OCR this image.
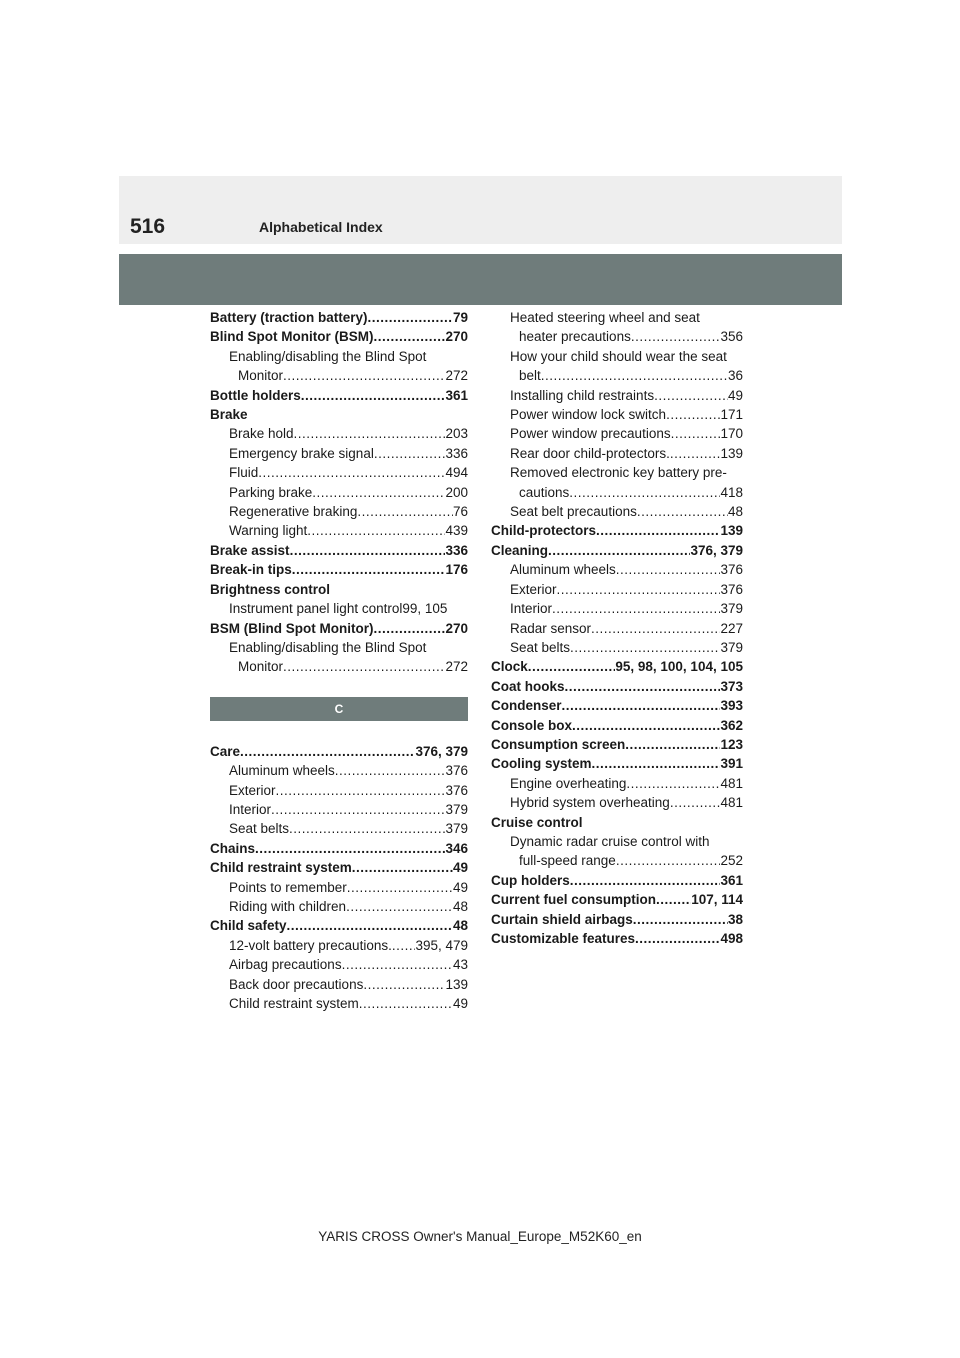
516	Alphabetical Index
Battery (traction battery) .....	79
Blind Spot Monitor (BSM) .....	270
Enabling/disabling the Blind Spot
Monitor .....	272
Bottle holders .....	361
Brake
Brake hold .....	203
Emergency brake signal .....	336
Fluid .....	494
Parking brake .....	200
Regenerative braking .....	76
Warning light .....	439
Brake assist .....	336
Break-in tips .....	176
Brightness control
Instrument panel light control99, 105
BSM (Blind Spot Monitor) .....	270
Enabling/disabling the Blind Spot
Monitor .....	272
C
Care .....	376, 379
Aluminum wheels .....	376
Exterior .....	376
Interior .....	379
Seat belts .....	379
Chains .....	346
Child restraint system .....	49
Points to remember .....	49
Riding with children .....	48
Child safety .....	48
12-volt battery precautions. ..... 395, 479
Airbag precautions .....	43
Back door precautions .....	139
Child restraint system .....	49
Heated steering wheel and seat
heater precautions .....	356
How your child should wear the seat
belt .....	36
Installing child restraints .....	49
Power window lock switch .....	171
Power window precautions .....	170
Rear door child-protectors. .....	139
Removed electronic key battery pre-
cautions .....	418
Seat belt precautions .....	48
Child-protectors .....	139
Cleaning .....	376, 379
Aluminum wheels .....	376
Exterior .....	376
Interior .....	379
Radar sensor .....	227
Seat belts .....	379
Clock .....	95, 98, 100, 104, 105
Coat hooks .....	373
Condenser .....	393
Console box .....	362
Consumption screen .....	123
Cooling system .....	391
Engine overheating .....	481
Hybrid system overheating .....	481
Cruise control
Dynamic radar cruise control with
full-speed range .....	252
Cup holders .....	361
Current fuel consumption .....	107, 114
Curtain shield airbags .....	38
Customizable features .....	498
YARIS CROSS Owner's Manual_Europe_M52K60_en
